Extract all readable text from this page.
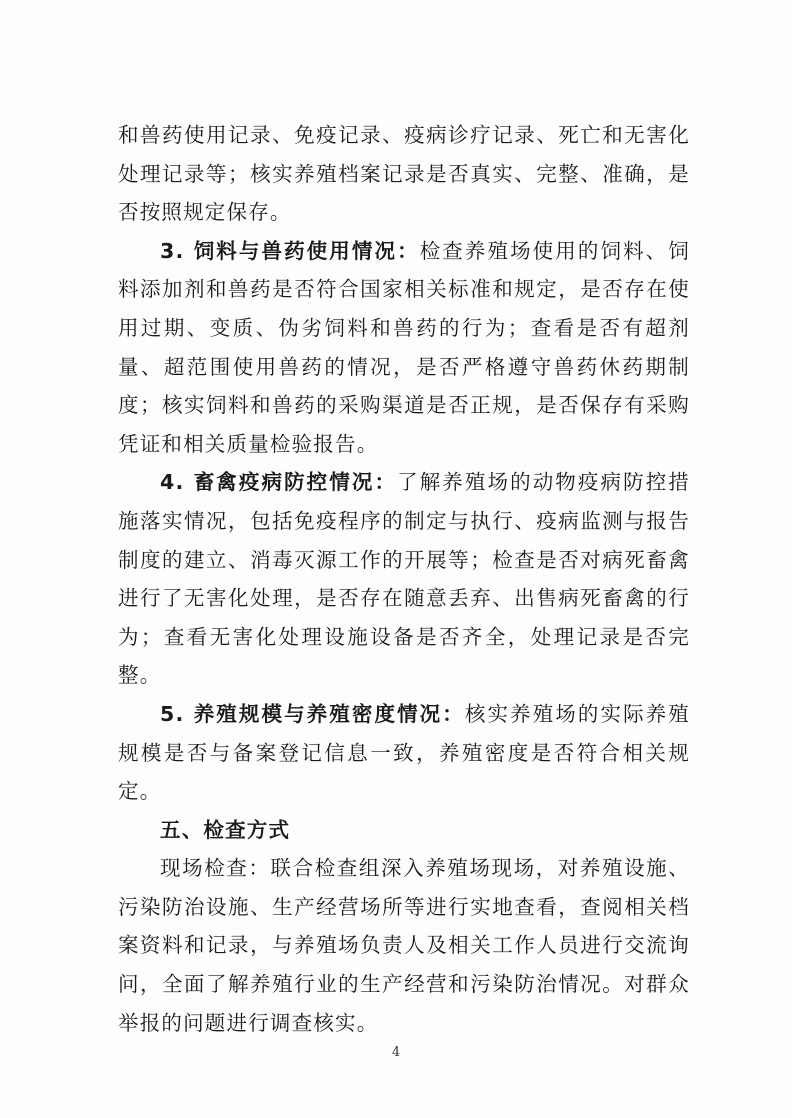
和兽药使用记录、免疫记录、疫病诊疗记录、死亡和无害化处理记录等；核实养殖档案记录是否真实、完整、准确，是否按照规定保存。

3. 饲料与兽药使用情况：检查养殖场使用的饲料、饲料添加剂和兽药是否符合国家相关标准和规定，是否存在使用过期、变质、伪劣饲料和兽药的行为；查看是否有超剂量、超范围使用兽药的情况，是否严格遵守兽药休药期制度；核实饲料和兽药的采购渠道是否正规，是否保存有采购凭证和相关质量检验报告。

4. 畜禽疫病防控情况：了解养殖场的动物疫病防控措施落实情况，包括免疫程序的制定与执行、疫病监测与报告制度的建立、消毒灭源工作的开展等；检查是否对病死畜禽进行了无害化处理，是否存在随意丢弃、出售病死畜禽的行为；查看无害化处理设施设备是否齐全，处理记录是否完整。

5. 养殖规模与养殖密度情况：核实养殖场的实际养殖规模是否与备案登记信息一致，养殖密度是否符合相关规定。

五、检查方式

现场检查：联合检查组深入养殖场现场，对养殖设施、污染防治设施、生产经营场所等进行实地查看，查阅相关档案资料和记录，与养殖场负责人及相关工作人员进行交流询问，全面了解养殖行业的生产经营和污染防治情况。对群众举报的问题进行调查核实。

4
